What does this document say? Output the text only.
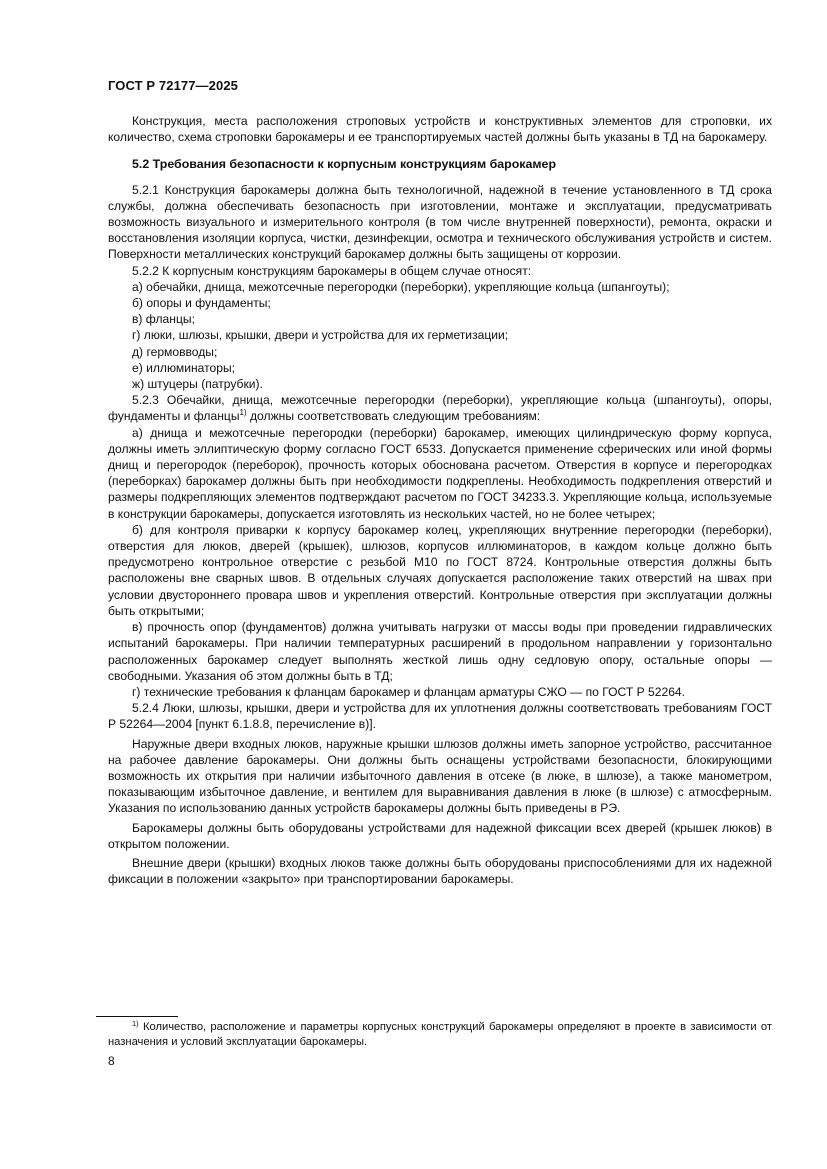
ГОСТ Р 72177—2025

Конструкция, места расположения строповых устройств и конструктивных элементов для строповки, их количество, схема строповки барокамеры и ее транспортируемых частей должны быть указаны в ТД на барокамеру.

5.2 Требования безопасности к корпусным конструкциям барокамер

5.2.1 Конструкция барокамеры должна быть технологичной, надежной в течение установленного в ТД срока службы, должна обеспечивать безопасность при изготовлении, монтаже и эксплуатации, предусматривать возможность визуального и измерительного контроля (в том числе внутренней поверхности), ремонта, окраски и восстановления изоляции корпуса, чистки, дезинфекции, осмотра и технического обслуживания устройств и систем. Поверхности металлических конструкций барокамер должны быть защищены от коррозии.

5.2.2 К корпусным конструкциям барокамеры в общем случае относят:

а) обечайки, днища, межотсечные перегородки (переборки), укрепляющие кольца (шпангоуты);

б) опоры и фундаменты;

в) фланцы;

г) люки, шлюзы, крышки, двери и устройства для их герметизации;

д) гермовводы;

е) иллюминаторы;

ж) штуцеры (патрубки).

5.2.3 Обечайки, днища, межотсечные перегородки (переборки), укрепляющие кольца (шпангоуты), опоры, фундаменты и фланцы$^{1)}$ должны соответствовать следующим требованиям:

а) днища и межотсечные перегородки (переборки) барокамер, имеющих цилиндрическую форму корпуса, должны иметь эллиптическую форму согласно ГОСТ 6533. Допускается применение сферических или иной формы днищ и перегородок (переборок), прочность которых обоснована расчетом. Отверстия в корпусе и перегородках (переборках) барокамер должны быть при необходимости подкреплены. Необходимость подкрепления отверстий и размеры подкрепляющих элементов подтверждают расчетом по ГОСТ 34233.3. Укрепляющие кольца, используемые в конструкции барокамеры, допускается изготовлять из нескольких частей, но не более четырех;

б) для контроля приварки к корпусу барокамер колец, укрепляющих внутренние перегородки (переборки), отверстия для люков, дверей (крышек), шлюзов, корпусов иллюминаторов, в каждом кольце должно быть предусмотрено контрольное отверстие с резьбой М10 по ГОСТ 8724. Контрольные отверстия должны быть расположены вне сварных швов. В отдельных случаях допускается расположение таких отверстий на швах при условии двустороннего провара швов и укрепления отверстий. Контрольные отверстия при эксплуатации должны быть открытыми;

в) прочность опор (фундаментов) должна учитывать нагрузки от массы воды при проведении гидравлических испытаний барокамеры. При наличии температурных расширений в продольном направлении у горизонтально расположенных барокамер следует выполнять жесткой лишь одну седловую опору, остальные опоры — свободными. Указания об этом должны быть в ТД;

г) технические требования к фланцам барокамер и фланцам арматуры СЖО — по ГОСТ Р 52264.

5.2.4 Люки, шлюзы, крышки, двери и устройства для их уплотнения должны соответствовать требованиям ГОСТ Р 52264—2004 [пункт 6.1.8.8, перечисление в)].

Наружные двери входных люков, наружные крышки шлюзов должны иметь запорное устройство, рассчитанное на рабочее давление барокамеры. Они должны быть оснащены устройствами безопасности, блокирующими возможность их открытия при наличии избыточного давления в отсеке (в люке, в шлюзе), а также манометром, показывающим избыточное давление, и вентилем для выравнивания давления в люке (в шлюзе) с атмосферным. Указания по использованию данных устройств барокамеры должны быть приведены в РЭ.

Барокамеры должны быть оборудованы устройствами для надежной фиксации всех дверей (крышек люков) в открытом положении.

Внешние двери (крышки) входных люков также должны быть оборудованы приспособлениями для их надежной фиксации в положении «закрыто» при транспортировании барокамеры.

$^{1)}$ Количество, расположение и параметры корпусных конструкций барокамеры определяют в проекте в зависимости от назначения и условий эксплуатации барокамеры.
8
